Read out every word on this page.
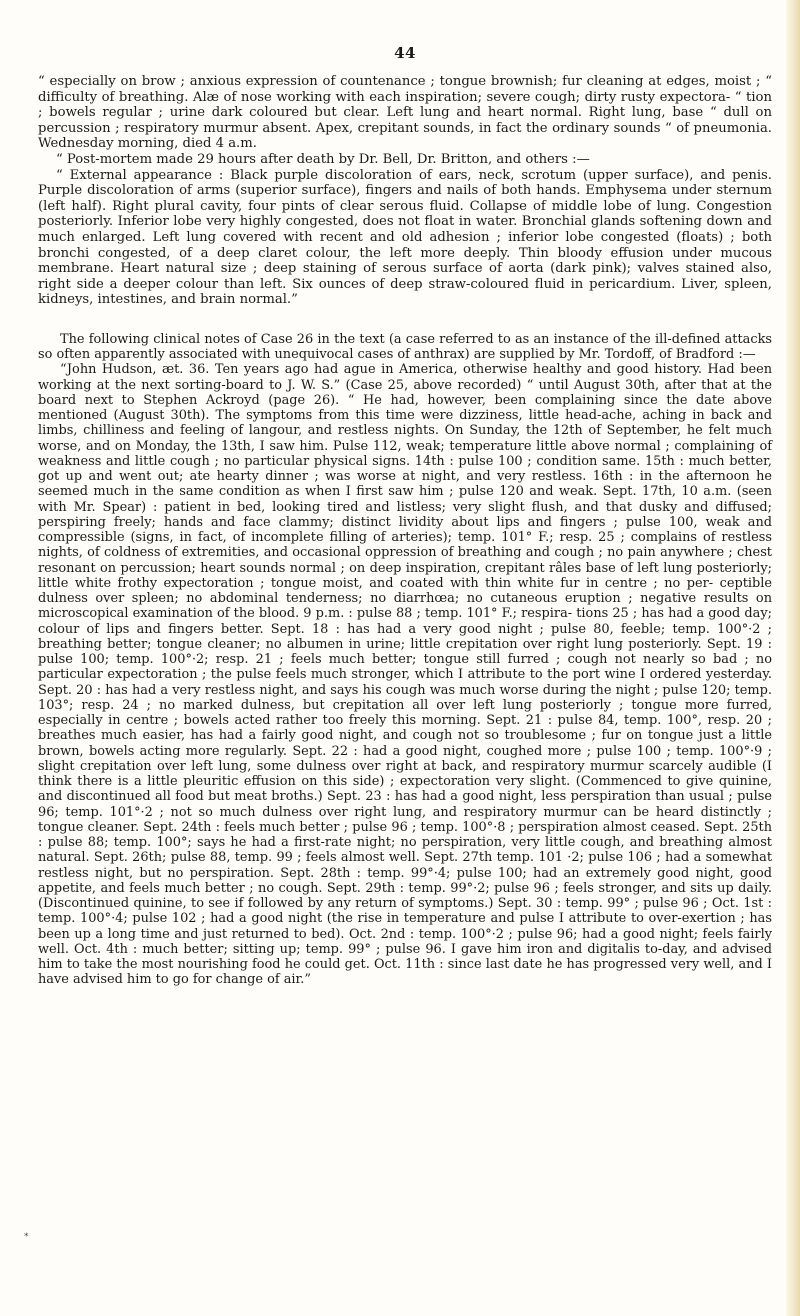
44

“ especially on brow ; anxious expression of countenance ; tongue brownish; fur cleaning at edges, moist ; “ difficulty of breathing. Alæ of nose working with each inspiration; severe cough; dirty rusty expectora- “ tion ; bowels regular ; urine dark coloured but clear. Left lung and heart normal. Right lung, base “ dull on percussion ; respiratory murmur absent. Apex, crepitant sounds, in fact the ordinary sounds “ of pneumonia. Wednesday morning, died 4 a.m.

“ Post-mortem made 29 hours after death by Dr. Bell, Dr. Britton, and others :—

“ External appearance : Black purple discoloration of ears, neck, scrotum (upper surface), and penis. Purple discoloration of arms (superior surface), fingers and nails of both hands. Emphysema under sternum (left half). Right plural cavity, four pints of clear serous fluid. Collapse of middle lobe of lung. Congestion posteriorly. Inferior lobe very highly congested, does not float in water. Bronchial glands softening down and much enlarged. Left lung covered with recent and old adhesion ; inferior lobe congested (floats) ; both bronchi congested, of a deep claret colour, the left more deeply. Thin bloody effusion under mucous membrane. Heart natural size ; deep staining of serous surface of aorta (dark pink); valves stained also, right side a deeper colour than left. Six ounces of deep straw-coloured fluid in pericardium. Liver, spleen, kidneys, intestines, and brain normal.”

The following clinical notes of Case 26 in the text (a case referred to as an instance of the ill-defined attacks so often apparently associated with unequivocal cases of anthrax) are supplied by Mr. Tordoff, of Bradford :—

“John Hudson, æt. 36. Ten years ago had ague in America, otherwise healthy and good history. Had been working at the next sorting-board to J. W. S.” (Case 25, above recorded) “ until August 30th, after that at the board next to Stephen Ackroyd (page 26). “ He had, however, been complaining since the date above mentioned (August 30th). The symptoms from this time were dizziness, little head-ache, aching in back and limbs, chilliness and feeling of langour, and restless nights. On Sunday, the 12th of September, he felt much worse, and on Monday, the 13th, I saw him. Pulse 112, weak; temperature little above normal ; complaining of weakness and little cough ; no particular physical signs. 14th : pulse 100 ; condition same. 15th : much better, got up and went out; ate hearty dinner ; was worse at night, and very restless. 16th : in the afternoon he seemed much in the same condition as when I first saw him ; pulse 120 and weak. Sept. 17th, 10 a.m. (seen with Mr. Spear) : patient in bed, looking tired and listless; very slight flush, and that dusky and diffused; perspiring freely; hands and face clammy; distinct lividity about lips and fingers ; pulse 100, weak and compressible (signs, in fact, of incomplete filling of arteries); temp. 101° F.; resp. 25 ; complains of restless nights, of coldness of extremities, and occasional oppression of breathing and cough ; no pain anywhere ; chest resonant on percussion; heart sounds normal ; on deep inspiration, crepitant râles base of left lung posteriorly; little white frothy expectoration ; tongue moist, and coated with thin white fur in centre ; no per- ceptible dulness over spleen; no abdominal tenderness; no diarrhœa; no cutaneous eruption ; negative results on microscopical examination of the blood. 9 p.m. : pulse 88 ; temp. 101° F.; respira- tions 25 ; has had a good day; colour of lips and fingers better. Sept. 18 : has had a very good night ; pulse 80, feeble; temp. 100°·2 ; breathing better; tongue cleaner; no albumen in urine; little crepitation over right lung posteriorly. Sept. 19 : pulse 100; temp. 100°·2; resp. 21 ; feels much better; tongue still furred ; cough not nearly so bad ; no particular expectoration ; the pulse feels much stronger, which I attribute to the port wine I ordered yesterday. Sept. 20 : has had a very restless night, and says his cough was much worse during the night ; pulse 120; temp. 103°; resp. 24 ; no marked dulness, but crepitation all over left lung posteriorly ; tongue more furred, especially in centre ; bowels acted rather too freely this morning. Sept. 21 : pulse 84, temp. 100°, resp. 20 ; breathes much easier, has had a fairly good night, and cough not so troublesome ; fur on tongue just a little brown, bowels acting more regularly. Sept. 22 : had a good night, coughed more ; pulse 100 ; temp. 100°·9 ; slight crepitation over left lung, some dulness over right at back, and respiratory murmur scarcely audible (I think there is a little pleuritic effusion on this side) ; expectoration very slight. (Commenced to give quinine, and discontinued all food but meat broths.) Sept. 23 : has had a good night, less perspiration than usual ; pulse 96; temp. 101°·2 ; not so much dulness over right lung, and respiratory murmur can be heard distinctly ; tongue cleaner. Sept. 24th : feels much better ; pulse 96 ; temp. 100°·8 ; perspiration almost ceased. Sept. 25th : pulse 88; temp. 100°; says he had a first-rate night; no perspiration, very little cough, and breathing almost natural. Sept. 26th; pulse 88, temp. 99 ; feels almost well. Sept. 27th temp. 101 ·2; pulse 106 ; had a somewhat restless night, but no perspiration. Sept. 28th : temp. 99°·4; pulse 100; had an extremely good night, good appetite, and feels much better ; no cough. Sept. 29th : temp. 99°·2; pulse 96 ; feels stronger, and sits up daily. (Discontinued quinine, to see if followed by any return of symptoms.) Sept. 30 : temp. 99° ; pulse 96 ; Oct. 1st : temp. 100°·4; pulse 102 ; had a good night (the rise in temperature and pulse I attribute to over-exertion ; has been up a long time and just returned to bed). Oct. 2nd : temp. 100°·2 ; pulse 96; had a good night; feels fairly well. Oct. 4th : much better; sitting up; temp. 99° ; pulse 96. I gave him iron and digitalis to-day, and advised him to take the most nourishing food he could get. Oct. 11th : since last date he has progressed very well, and I have advised him to go for change of air.”

*
